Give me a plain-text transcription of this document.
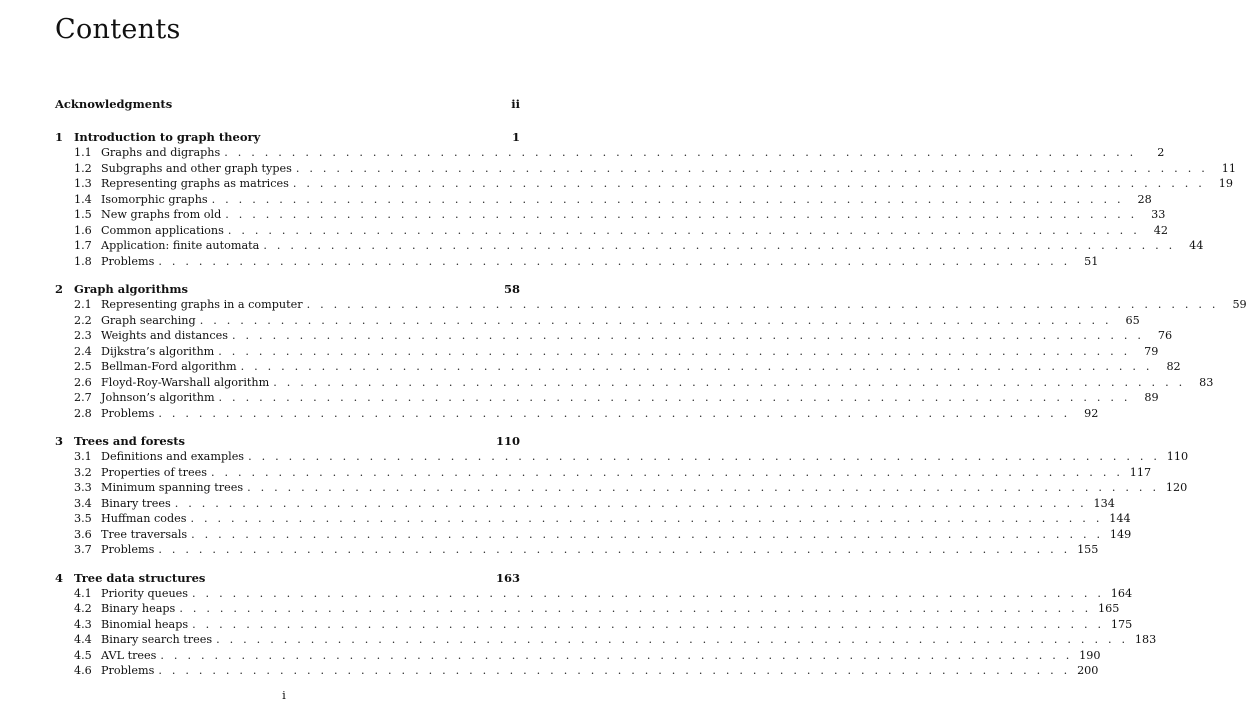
Contents
Acknowledgments	ii
1 Introduction to graph theory	1
1.1 Graphs and digraphs . . . . . . . . . . . . . . . . . . . . . . . . . . . . . . . . . . . . . . . . . . . . . . . . . . . . . . . . . . . . . . . . . . . .	2
1.2 Subgraphs and other graph types . . . . . . . . . . . . . . . . . . . . . . . . . . . . . . . . . . . . . . . . . . . . . . . . . . . . . . . . . . . . . . . . . . . .	11
1.3 Representing graphs as matrices . . . . . . . . . . . . . . . . . . . . . . . . . . . . . . . . . . . . . . . . . . . . . . . . . . . . . . . . . . . . . . . . . . . .	19
1.4 Isomorphic graphs . . . . . . . . . . . . . . . . . . . . . . . . . . . . . . . . . . . . . . . . . . . . . . . . . . . . . . . . . . . . . . . . . . . .	28
1.5 New graphs from old . . . . . . . . . . . . . . . . . . . . . . . . . . . . . . . . . . . . . . . . . . . . . . . . . . . . . . . . . . . . . . . . . . . .	33
1.6 Common applications . . . . . . . . . . . . . . . . . . . . . . . . . . . . . . . . . . . . . . . . . . . . . . . . . . . . . . . . . . . . . . . . . . . .	42
1.7 Application: finite automata . . . . . . . . . . . . . . . . . . . . . . . . . . . . . . . . . . . . . . . . . . . . . . . . . . . . . . . . . . . . . . . . . . . .	44
1.8 Problems . . . . . . . . . . . . . . . . . . . . . . . . . . . . . . . . . . . . . . . . . . . . . . . . . . . . . . . . . . . . . . . . . . . .	51
2 Graph algorithms	58
2.1 Representing graphs in a computer . . . . . . . . . . . . . . . . . . . . . . . . . . . . . . . . . . . . . . . . . . . . . . . . . . . . . . . . . . . . . . . . . . . .	59
2.2 Graph searching . . . . . . . . . . . . . . . . . . . . . . . . . . . . . . . . . . . . . . . . . . . . . . . . . . . . . . . . . . . . . . . . . . . .	65
2.3 Weights and distances . . . . . . . . . . . . . . . . . . . . . . . . . . . . . . . . . . . . . . . . . . . . . . . . . . . . . . . . . . . . . . . . . . . .	76
2.4 Dijkstra’s algorithm . . . . . . . . . . . . . . . . . . . . . . . . . . . . . . . . . . . . . . . . . . . . . . . . . . . . . . . . . . . . . . . . . . . .	79
2.5 Bellman-Ford algorithm . . . . . . . . . . . . . . . . . . . . . . . . . . . . . . . . . . . . . . . . . . . . . . . . . . . . . . . . . . . . . . . . . . . .	82
2.6 Floyd-Roy-Warshall algorithm . . . . . . . . . . . . . . . . . . . . . . . . . . . . . . . . . . . . . . . . . . . . . . . . . . . . . . . . . . . . . . . . . . . .	83
2.7 Johnson’s algorithm . . . . . . . . . . . . . . . . . . . . . . . . . . . . . . . . . . . . . . . . . . . . . . . . . . . . . . . . . . . . . . . . . . . .	89
2.8 Problems . . . . . . . . . . . . . . . . . . . . . . . . . . . . . . . . . . . . . . . . . . . . . . . . . . . . . . . . . . . . . . . . . . . .	92
3 Trees and forests	110
3.1 Definitions and examples . . . . . . . . . . . . . . . . . . . . . . . . . . . . . . . . . . . . . . . . . . . . . . . . . . . . . . . . . . . . . . . . . . . . 110
3.2 Properties of trees . . . . . . . . . . . . . . . . . . . . . . . . . . . . . . . . . . . . . . . . . . . . . . . . . . . . . . . . . . . . . . . . . . . . 117
3.3 Minimum spanning trees . . . . . . . . . . . . . . . . . . . . . . . . . . . . . . . . . . . . . . . . . . . . . . . . . . . . . . . . . . . . . . . . . . . . 120
3.4 Binary trees . . . . . . . . . . . . . . . . . . . . . . . . . . . . . . . . . . . . . . . . . . . . . . . . . . . . . . . . . . . . . . . . . . . . 134
3.5 Huffman codes . . . . . . . . . . . . . . . . . . . . . . . . . . . . . . . . . . . . . . . . . . . . . . . . . . . . . . . . . . . . . . . . . . . . 144
3.6 Tree traversals . . . . . . . . . . . . . . . . . . . . . . . . . . . . . . . . . . . . . . . . . . . . . . . . . . . . . . . . . . . . . . . . . . . . 149
3.7 Problems . . . . . . . . . . . . . . . . . . . . . . . . . . . . . . . . . . . . . . . . . . . . . . . . . . . . . . . . . . . . . . . . . . . . 155
4 Tree data structures	163
4.1 Priority queues . . . . . . . . . . . . . . . . . . . . . . . . . . . . . . . . . . . . . . . . . . . . . . . . . . . . . . . . . . . . . . . . . . . . 164
4.2 Binary heaps . . . . . . . . . . . . . . . . . . . . . . . . . . . . . . . . . . . . . . . . . . . . . . . . . . . . . . . . . . . . . . . . . . . . 165
4.3 Binomial heaps . . . . . . . . . . . . . . . . . . . . . . . . . . . . . . . . . . . . . . . . . . . . . . . . . . . . . . . . . . . . . . . . . . . . 175
4.4 Binary search trees . . . . . . . . . . . . . . . . . . . . . . . . . . . . . . . . . . . . . . . . . . . . . . . . . . . . . . . . . . . . . . . . . . . . 183
4.5 AVL trees . . . . . . . . . . . . . . . . . . . . . . . . . . . . . . . . . . . . . . . . . . . . . . . . . . . . . . . . . . . . . . . . . . . . 190
4.6 Problems . . . . . . . . . . . . . . . . . . . . . . . . . . . . . . . . . . . . . . . . . . . . . . . . . . . . . . . . . . . . . . . . . . . . 200
i
